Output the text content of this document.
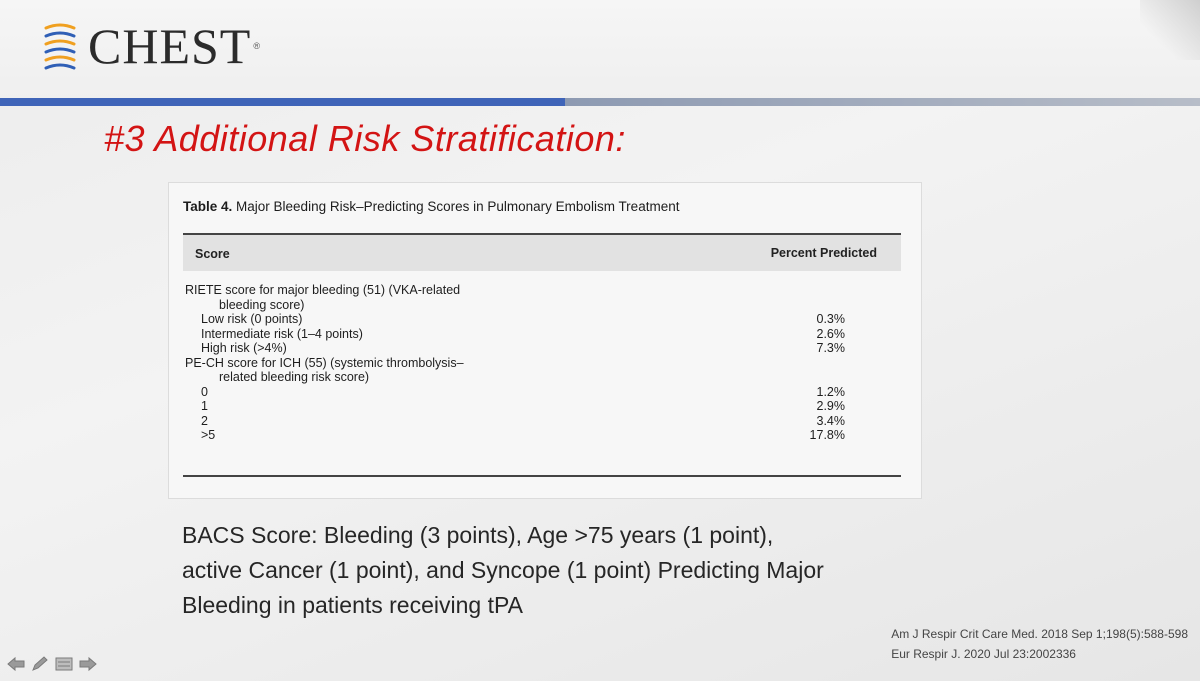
CHEST ®
#3 Additional Risk Stratification:
Table 4. Major Bleeding Risk–Predicting Scores in Pulmonary Embolism Treatment
Score	Percent Predicted
RIETE score for major bleeding (51) (VKA-related
bleeding score)
Low risk (0 points)	0.3%
Intermediate risk (1–4 points)	2.6%
High risk (>4%)	7.3%
PE-CH score for ICH (55) (systemic thrombolysis–
related bleeding risk score)
0	1.2%
1	2.9%
2	3.4%
>5	17.8%
BACS Score: Bleeding (3 points), Age >75 years (1 point),
active Cancer (1 point), and Syncope (1 point) Predicting Major
Bleeding in patients receiving tPA
Am J Respir Crit Care Med. 2018 Sep 1;198(5):588-598
Eur Respir J. 2020 Jul 23:2002336
